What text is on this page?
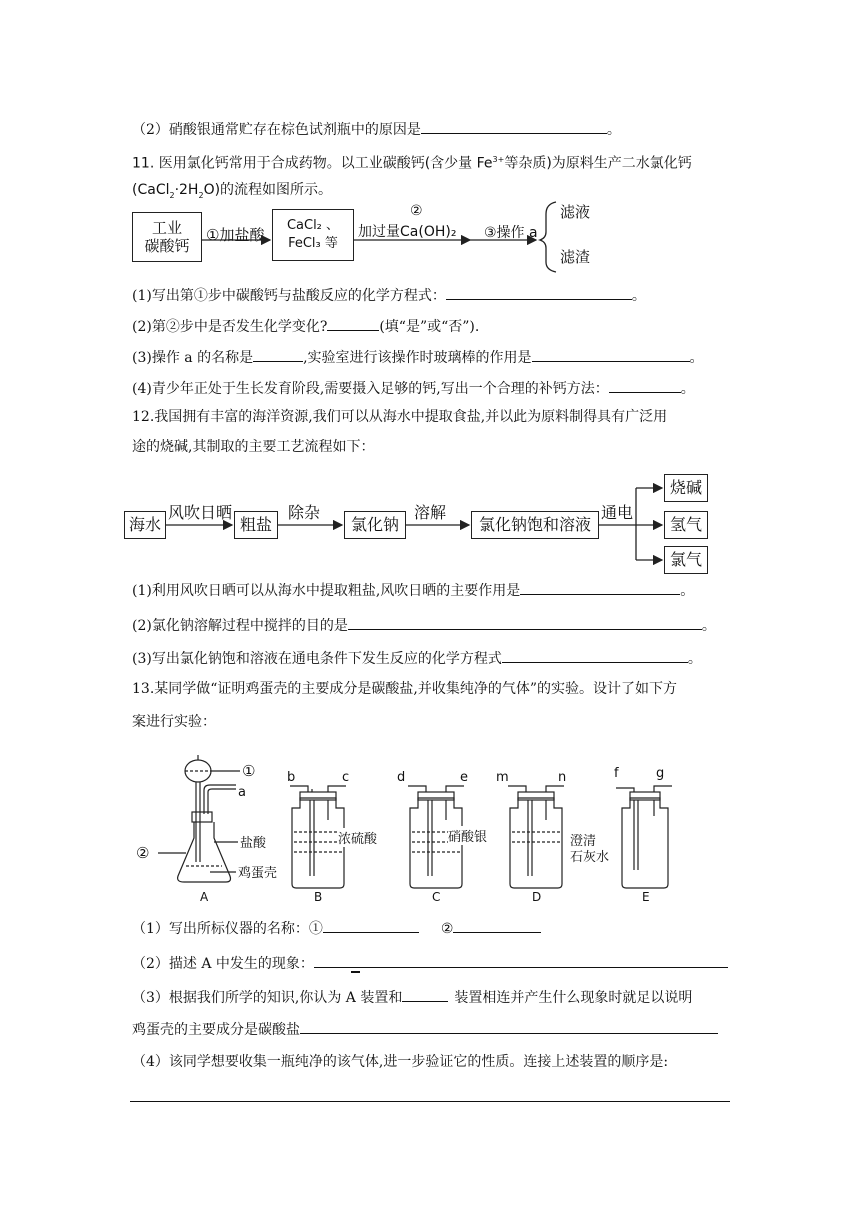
（2）硝酸银通常贮存在棕色试剂瓶中的原因是	。
11. 医用氯化钙常用于合成药物。以工业碳酸钙(含少量 $Fe^{3+}$等杂质)为原料生产二水氯化钙
$(CaCl_2\cdot 2H_2O)$的流程如图所示。
工业
碳酸钙
①加盐酸
CaCl₂ 、
FeCl₃ 等
②
加过量Ca(OH)₂ ③操作 a
滤液
滤渣
(1)写出第①步中碳酸钙与盐酸反应的化学方程式：	。
(2)第②步中是否发生化学变化?	(填“是”或“否”).
(3)操作 a 的名称是	,实验室进行该操作时玻璃棒的作用是	。
(4)青少年正处于生长发育阶段,需要摄入足够的钙,写出一个合理的补钙方法：	。
12.我国拥有丰富的海洋资源,我们可以从海水中提取食盐,并以此为原料制得具有广泛用
途的烧碱,其制取的主要工艺流程如下：
海水
风吹日晒
粗盐
除杂
氯化钠
溶解
氯化钠饱和溶液
通电
烧碱
氢气
氯气
(1)利用风吹日晒可以从海水中提取粗盐,风吹日晒的主要作用是	。
(2)氯化钠溶解过程中搅拌的目的是	。
(3)写出氯化钠饱和溶液在通电条件下发生反应的化学方程式	。
13.某同学做“证明鸡蛋壳的主要成分是碳酸盐,并收集纯净的气体”的实验。设计了如下方
案进行实验：
①
②
a
盐酸
鸡蛋壳
b	c	d	e m	n	f	g
浓硫酸	硝酸银	澄清
石灰水
A	B	C	D	E
（1）写出所标仪器的名称：①	②
（2）描述 A 中发生的现象：
（3）根据我们所学的知识,你认为 A 装置和	装置相连并产生什么现象时就足以说明
鸡蛋壳的主要成分是碳酸盐
（4）该同学想要收集一瓶纯净的该气体,进一步验证它的性质。连接上述装置的顺序是:
